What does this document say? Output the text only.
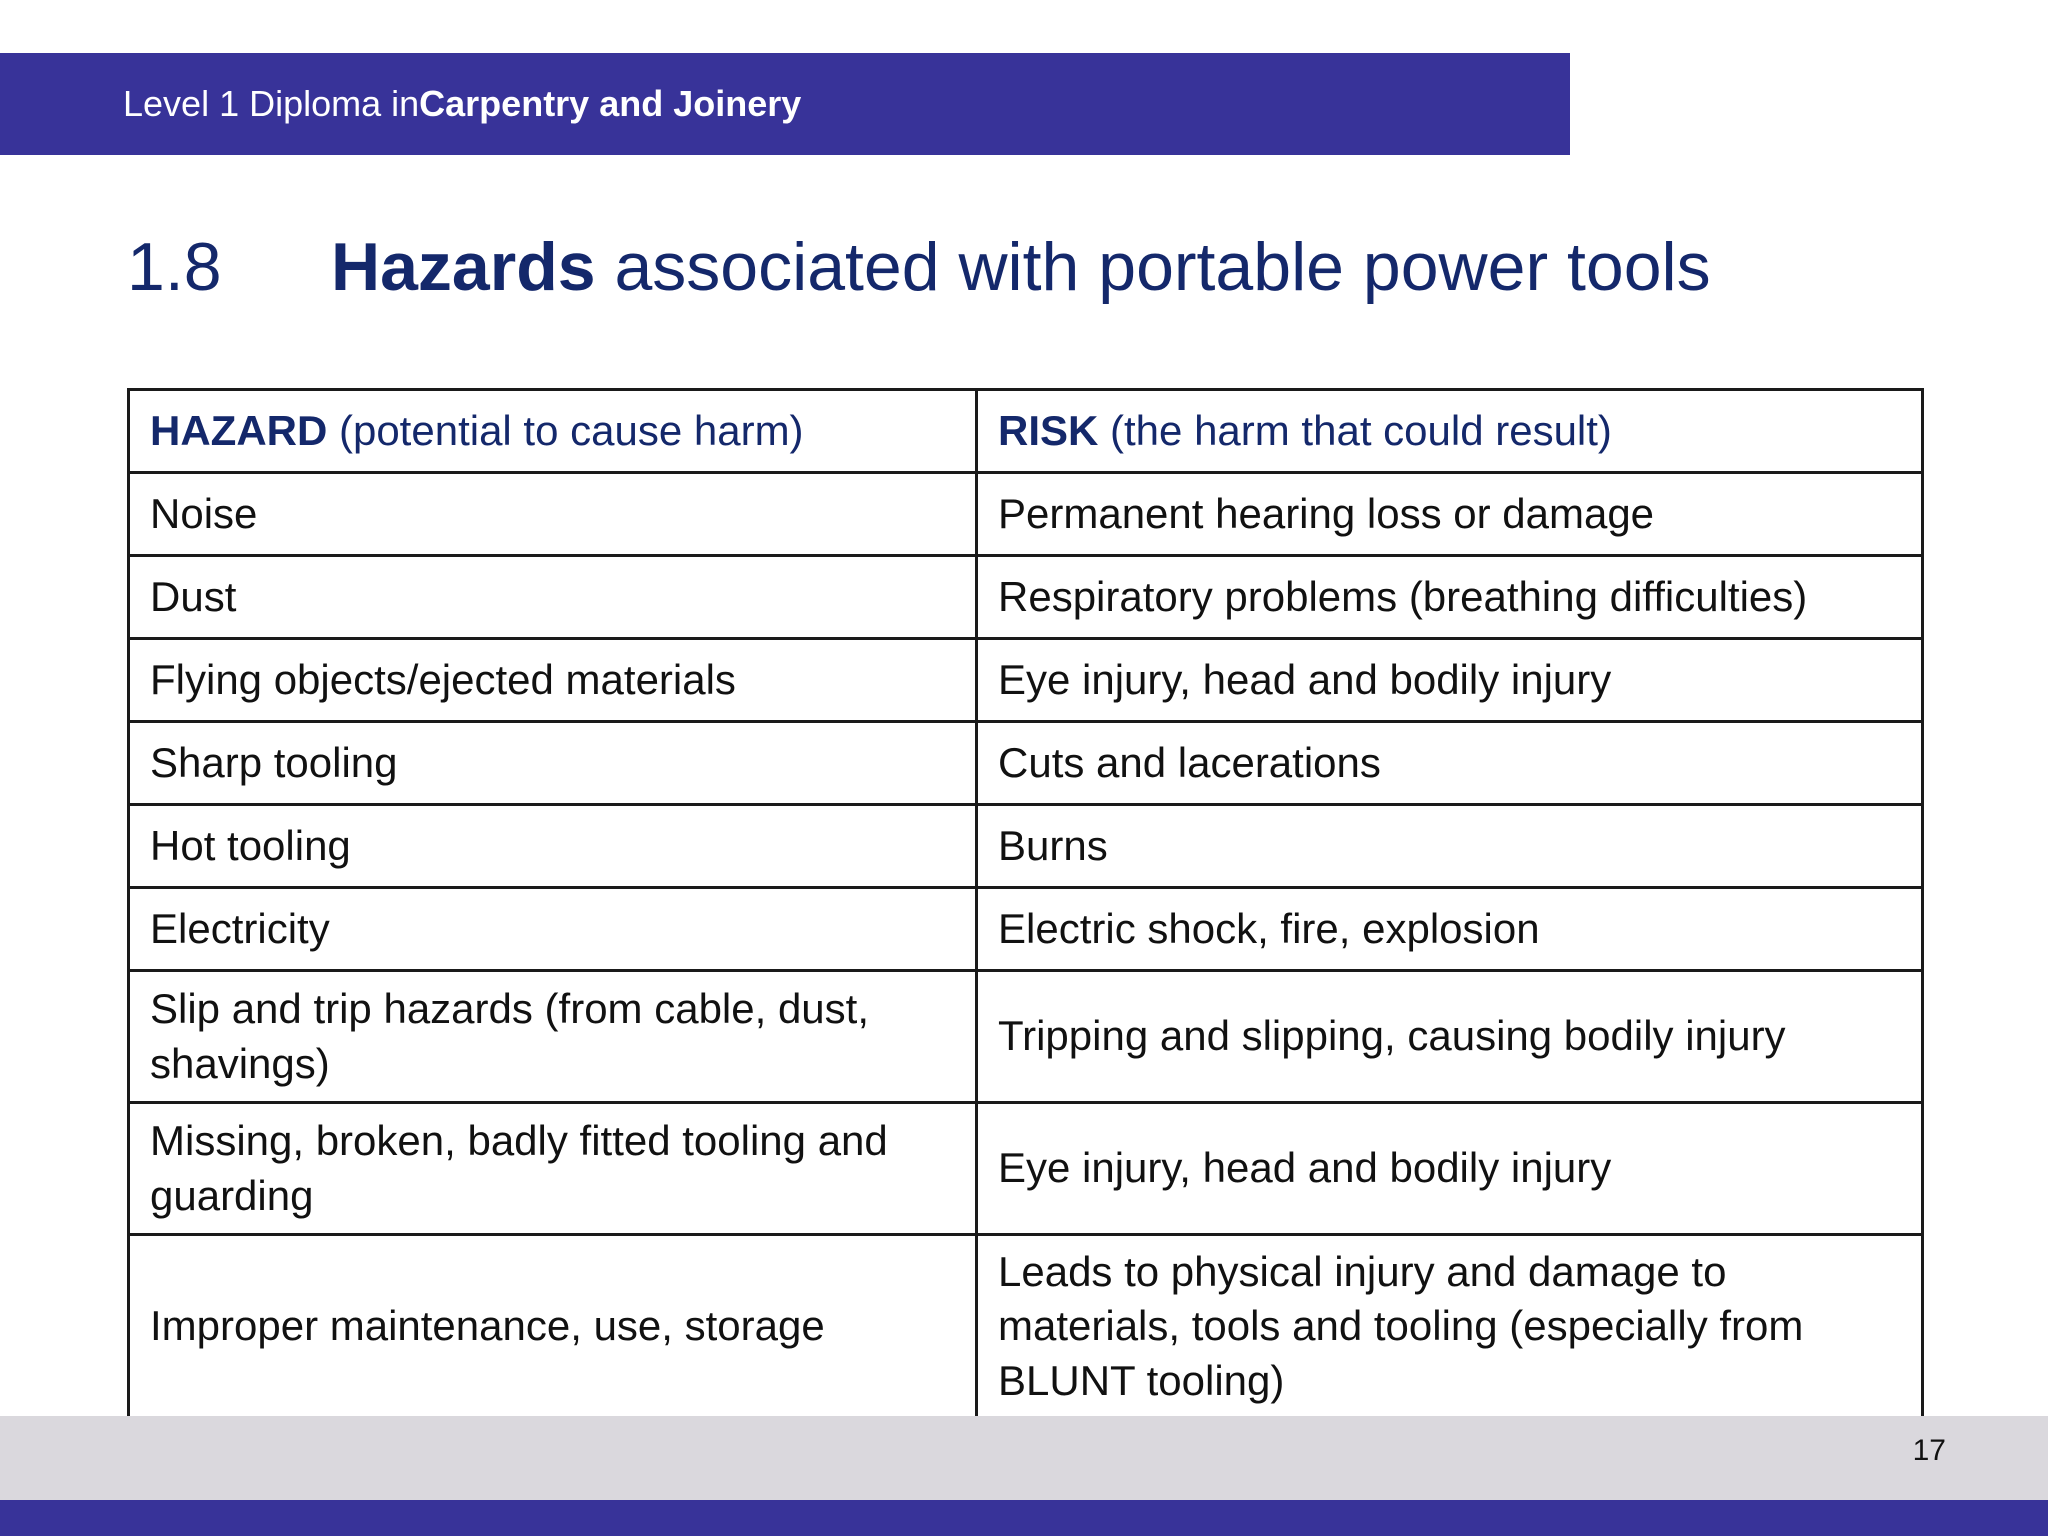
Level 1 Diploma in Carpentry and Joinery
1.8	Hazards associated with portable power tools
HAZARD (potential to cause harm)	RISK (the harm that could result)
Noise	Permanent hearing loss or damage
Dust	Respiratory problems (breathing difficulties)
Flying objects/ejected materials	Eye injury, head and bodily injury
Sharp tooling	Cuts and lacerations
Hot tooling	Burns
Electricity	Electric shock, fire, explosion
Slip and trip hazards (from cable, dust, shavings)	Tripping and slipping, causing bodily injury
Missing, broken, badly fitted tooling and guarding	Eye injury, head and bodily injury
Improper maintenance, use, storage	Leads to physical injury and damage to materials, tools and tooling (especially from BLUNT tooling)
17
